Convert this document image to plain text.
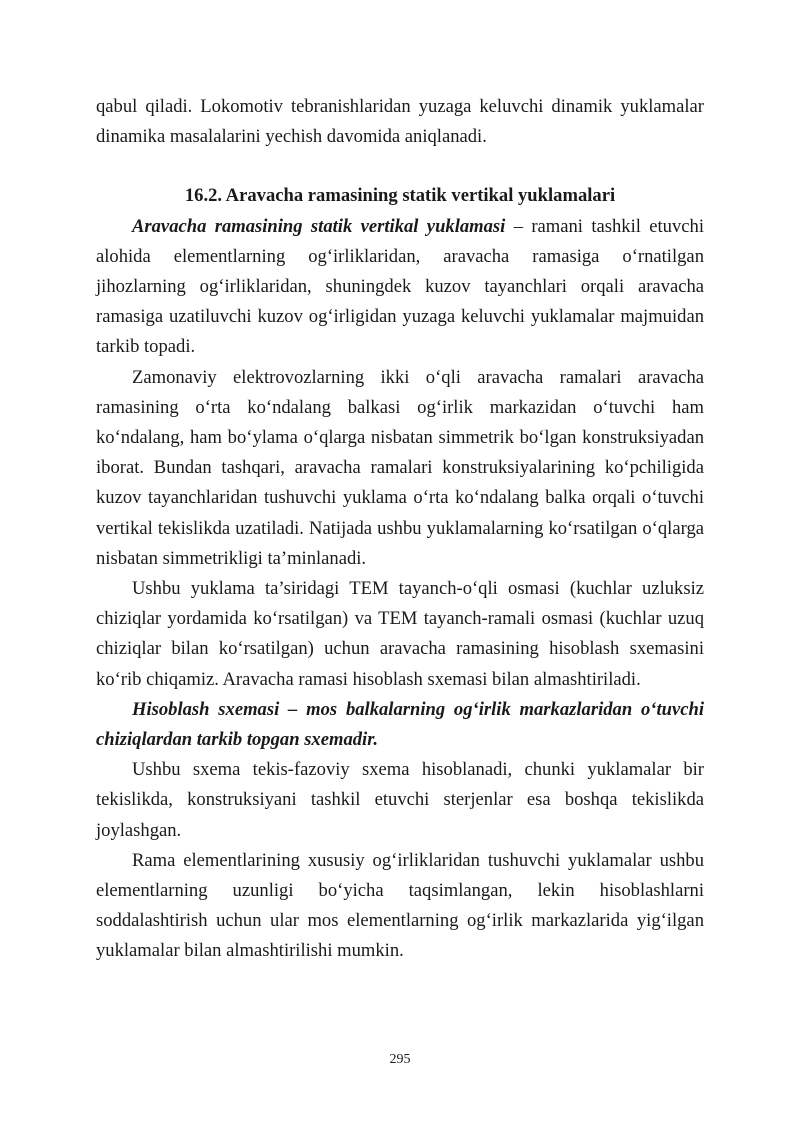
qabul qiladi. Lokomotiv tebranishlaridan yuzaga keluvchi dinamik yuklamalar dinamika masalalarini yechish davomida aniqlanadi.

16.2. Aravacha ramasining statik vertikal yuklamalari

Aravacha ramasining statik vertikal yuklamasi – ramani tashkil etuvchi alohida elementlarning og‘irliklaridan, aravacha ramasiga o‘rnatilgan jihozlarning og‘irliklaridan, shuningdek kuzov tayanchlari orqali aravacha ramasiga uzatiluvchi kuzov og‘irligidan yuzaga keluvchi yuklamalar majmuidan tarkib topadi.

Zamonaviy elektrovozlarning ikki o‘qli aravacha ramalari aravacha ramasining o‘rta ko‘ndalang balkasi og‘irlik markazidan o‘tuvchi ham ko‘ndalang, ham bo‘ylama o‘qlarga nisbatan simmetrik bo‘lgan konstruksiyadan iborat. Bundan tashqari, aravacha ramalari konstruksiyalarining ko‘pchiligida kuzov tayanchlaridan tushuvchi yuklama o‘rta ko‘ndalang balka orqali o‘tuvchi vertikal tekislikda uzatiladi. Natijada ushbu yuklamalarning ko‘rsatilgan o‘qlarga nisbatan simmetrikligi ta’minlanadi.

Ushbu yuklama ta’siridagi TEM tayanch-o‘qli osmasi (kuchlar uzluksiz chiziqlar yordamida ko‘rsatilgan) va TEM tayanch-ramali osmasi (kuchlar uzuq chiziqlar bilan ko‘rsatilgan) uchun aravacha ramasining hisoblash sxemasini ko‘rib chiqamiz. Aravacha ramasi hisoblash sxemasi bilan almashtiriladi.

Hisoblash sxemasi – mos balkalarning og‘irlik markazlaridan o‘tuvchi chiziqlardan tarkib topgan sxemadir.

Ushbu sxema tekis-fazoviy sxema hisoblanadi, chunki yuklamalar bir tekislikda, konstruksiyani tashkil etuvchi sterjenlar esa boshqa tekislikda joylashgan.

Rama elementlarining xususiy og‘irliklaridan tushuvchi yuklamalar ushbu elementlarning uzunligi bo‘yicha taqsimlangan, lekin hisoblashlarni soddalashtirish uchun ular mos elementlarning og‘irlik markazlarida yig‘ilgan yuklamalar bilan almashtirilishi mumkin.

295
